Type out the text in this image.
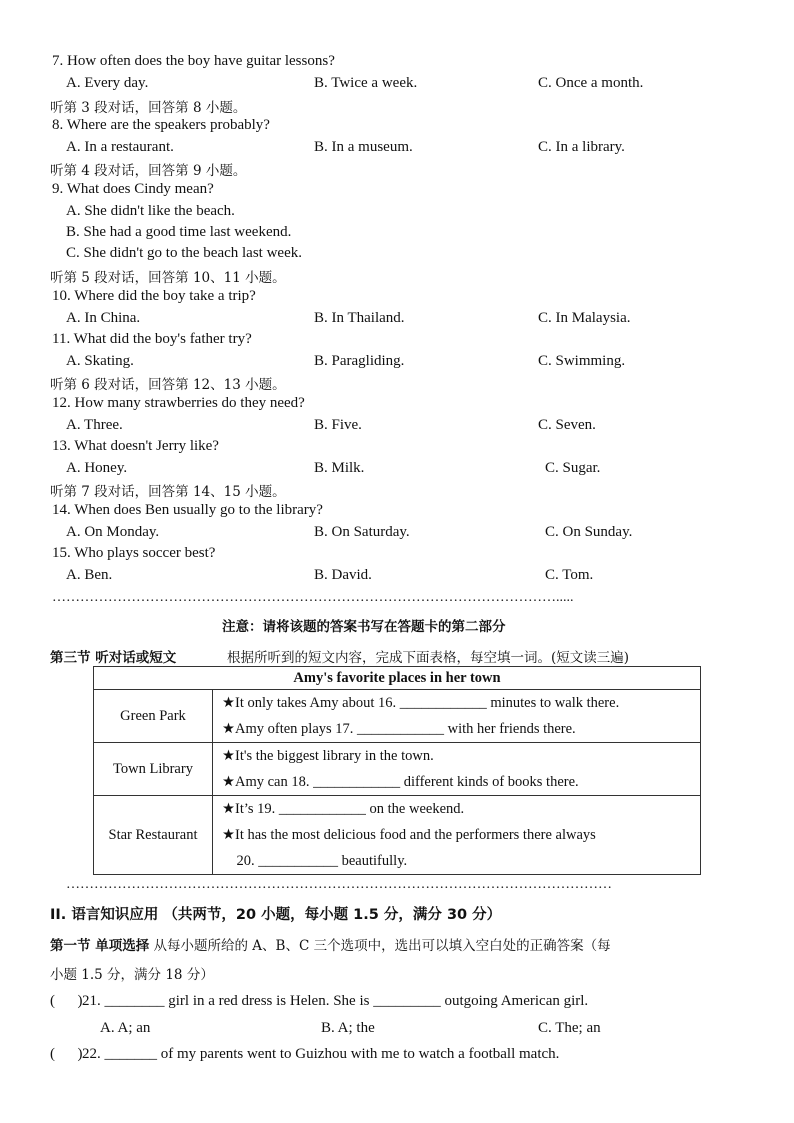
7. How often does the boy have guitar lessons?
A. Every day.	B. Twice a week.	C. Once a month.
听第 3 段对话，回答第 8 小题。
8. Where are the speakers probably?
A. In a restaurant.	B. In a museum.	C. In a library.
听第 4 段对话，回答第 9 小题。
9. What does Cindy mean?
A. She didn't like the beach.
B. She had a good time last weekend.
C. She didn't go to the beach last week.
听第 5 段对话，回答第 10、11 小题。
10. Where did the boy take a trip?
A. In China.	B. In Thailand.	C. In Malaysia.
11. What did the boy's father try?
A. Skating.	B. Paragliding.	C. Swimming.
听第 6 段对话，回答第 12、13 小题。
12. How many strawberries do they need?
A. Three.	B. Five.	C. Seven.
13. What doesn't Jerry like?
A. Honey.	B. Milk.	C. Sugar.
听第 7 段对话，回答第 14、15 小题。
14. When does Ben usually go to the library?
A. On Monday.	B. On Saturday.	C. On Sunday.
15. Who plays soccer best?
A. Ben.	B. David.	C. Tom.
……………………………………………………………………………………………….....
注意：请将该题的答案书写在答题卡的第二部分
第三节 听对话或短文	根据所听到的短文内容，完成下面表格，每空填一词。(短文读三遍)
Amy's favorite places in her town	
Green Park	★It only takes Amy about 16. ____________ minutes to walk there.
★Amy often plays 17. ____________ with her friends there.

Town Library	★It's the biggest library in the town.
★Amy can 18. ____________ different kinds of books there.

Star Restaurant	★It’s 19. ____________ on the weekend.
★It has the most delicious food and the performers there always
20. ___________ beautifully.
………………………………………………………………………………………………………
II. 语言知识应用 （共两节，20 小题，每小题 1.5 分，满分 30 分）
第一节 单项选择 从每小题所给的 A、B、C 三个选项中，选出可以填入空白处的正确答案（每
小题 1.5 分，满分 18 分）
(      ) 21. ________ girl in a red dress is Helen. She is _________ outgoing American girl.
A. A; an	B. A; the	C. The; an
(      ) 22. _______ of my parents went to Guizhou with me to watch a football match.
